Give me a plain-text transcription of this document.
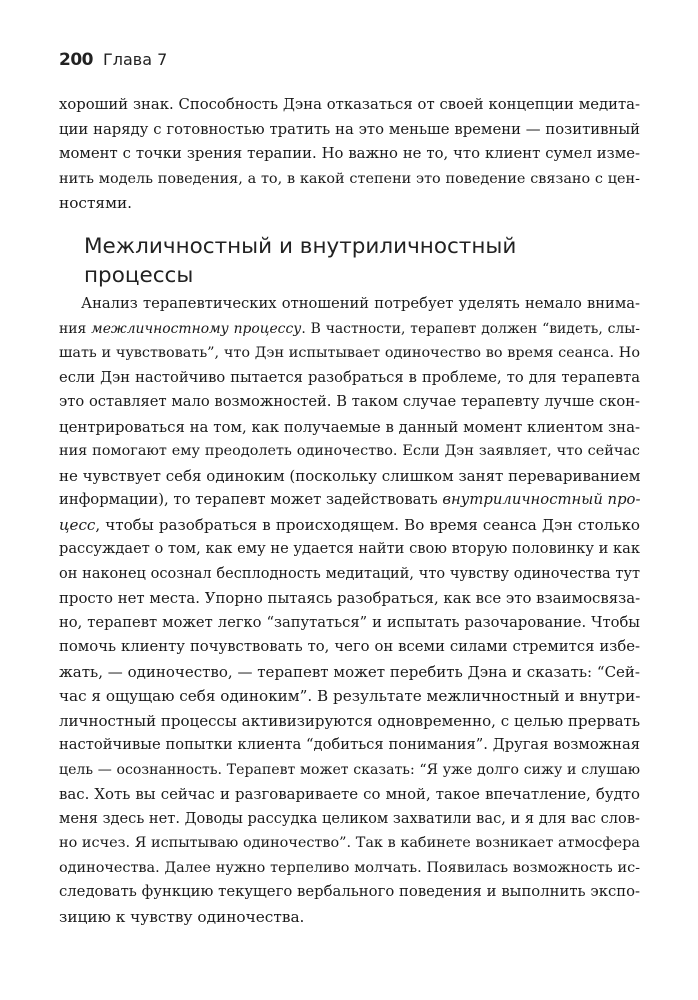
200 Глава 7
хороший знак. Способность Дэна отказаться от своей концепции медита-
ции наряду с готовностью тратить на это меньше времени — позитивный
момент с точки зрения терапии. Но важно не то, что клиент сумел изме-
нить модель поведения, а то, в какой степени это поведение связано с цен-
ностями.
Межличностный и внутриличностный
процессы
Анализ терапевтических отношений потребует уделять немало внима-
ния межличностному процессу. В частности, терапевт должен “видеть, слы-
шать и чувствовать”, что Дэн испытывает одиночество во время сеанса. Но
если Дэн настойчиво пытается разобраться в проблеме, то для терапевта
это оставляет мало возможностей. В таком случае терапевту лучше скон-
центрироваться на том, как получаемые в данный момент клиентом зна-
ния помогают ему преодолеть одиночество. Если Дэн заявляет, что сейчас
не чувствует себя одиноким (поскольку слишком занят перевариванием
информации), то терапевт может задействовать внутриличностный про-
цесс, чтобы разобраться в происходящем. Во время сеанса Дэн столько
рассуждает о том, как ему не удается найти свою вторую половинку и как
он наконец осознал бесплодность медитаций, что чувству одиночества тут
просто нет места. Упорно пытаясь разобраться, как все это взаимосвяза-
но, терапевт может легко “запутаться” и испытать разочарование. Чтобы
помочь клиенту почувствовать то, чего он всеми силами стремится избе-
жать, — одиночество, — терапевт может перебить Дэна и сказать: “Сей-
час я ощущаю себя одиноким”. В результате межличностный и внутри-
личностный процессы активизируются одновременно, с целью прервать
настойчивые попытки клиента “добиться понимания”. Другая возможная
цель — осознанность. Терапевт может сказать: “Я уже долго сижу и слушаю
вас. Хоть вы сейчас и разговариваете со мной, такое впечатление, будто
меня здесь нет. Доводы рассудка целиком захватили вас, и я для вас слов-
но исчез. Я испытываю одиночество”. Так в кабинете возникает атмосфера
одиночества. Далее нужно терпеливо молчать. Появилась возможность ис-
следовать функцию текущего вербального поведения и выполнить экспо-
зицию к чувству одиночества.
